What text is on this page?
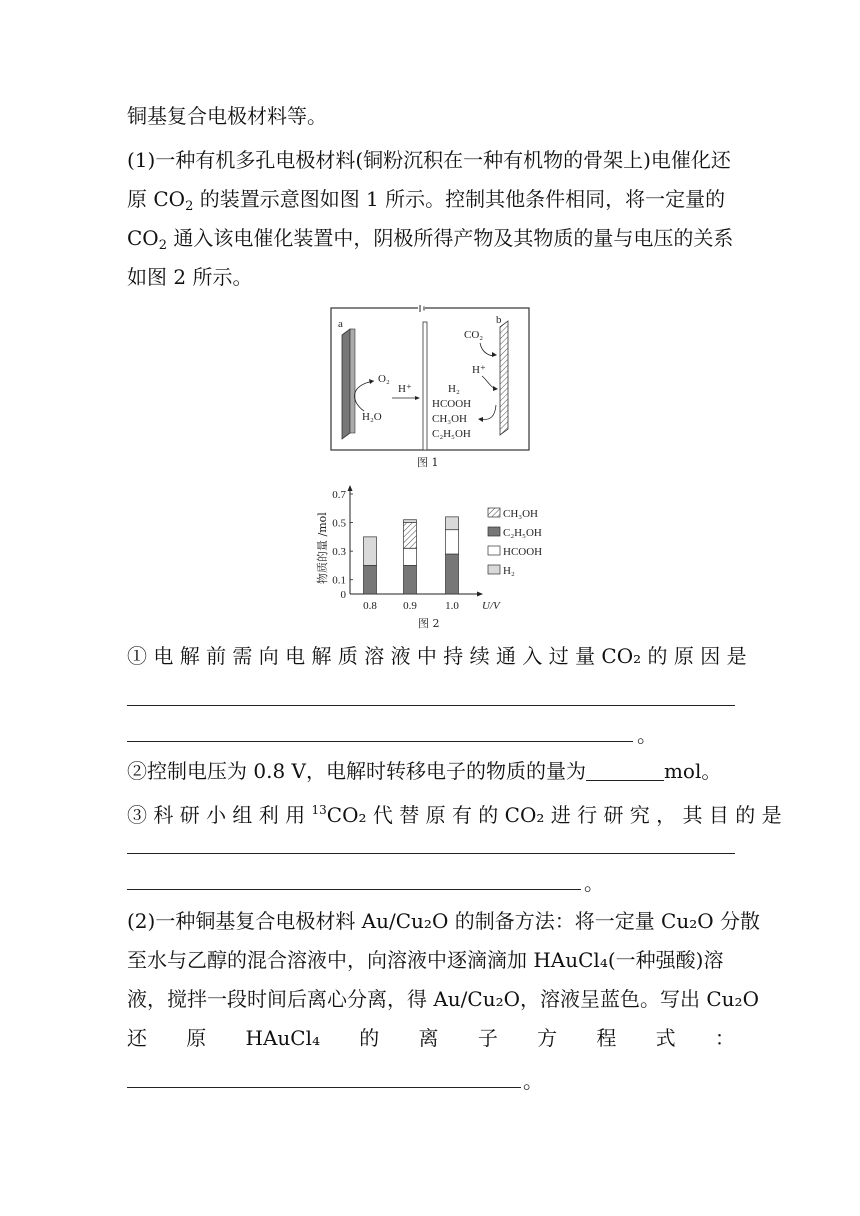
铜基复合电极材料等。
(1)一种有机多孔电极材料(铜粉沉积在一种有机物的骨架上)电催化还
原 $CO_2$ 的装置示意图如图 1 所示。控制其他条件相同，将一定量的
$CO_2$ 通入该电催化装置中，阴极所得产物及其物质的量与电压的关系
如图 2 所示。
a	b
O₂
H₂O
H⁺
CO₂
H⁺
H₂
HCOOH
CH₃OH
C₂H₅OH
图 1
0
0.1
0.3
0.5
0.7
物质的量 /mol
0.8 0.9	1.0 U/V
CH₃OH
C₂H₅OH
HCOOH
H₂
图 2
① 电 解 前 需 向 电 解 质 溶 液 中 持 续 通 入 过 量 CO₂ 的 原 因 是
。
②控制电压为 0.8 V，电解时转移电子的物质的量为	mol。
③ 科 研 小 组 利 用 $^{13}$CO₂ 代 替 原 有 的 CO₂ 进 行 研 究 ， 其 目 的 是
。
(2)一种铜基复合电极材料 Au/Cu₂O 的制备方法：将一定量 Cu₂O 分散
至水与乙醇的混合溶液中，向溶液中逐滴滴加 HAuCl₄(一种强酸)溶
液，搅拌一段时间后离心分离，得 Au/Cu₂O，溶液呈蓝色。写出 Cu₂O
还 原 HAuCl₄ 的 离 子 方 程 式 ：
。
